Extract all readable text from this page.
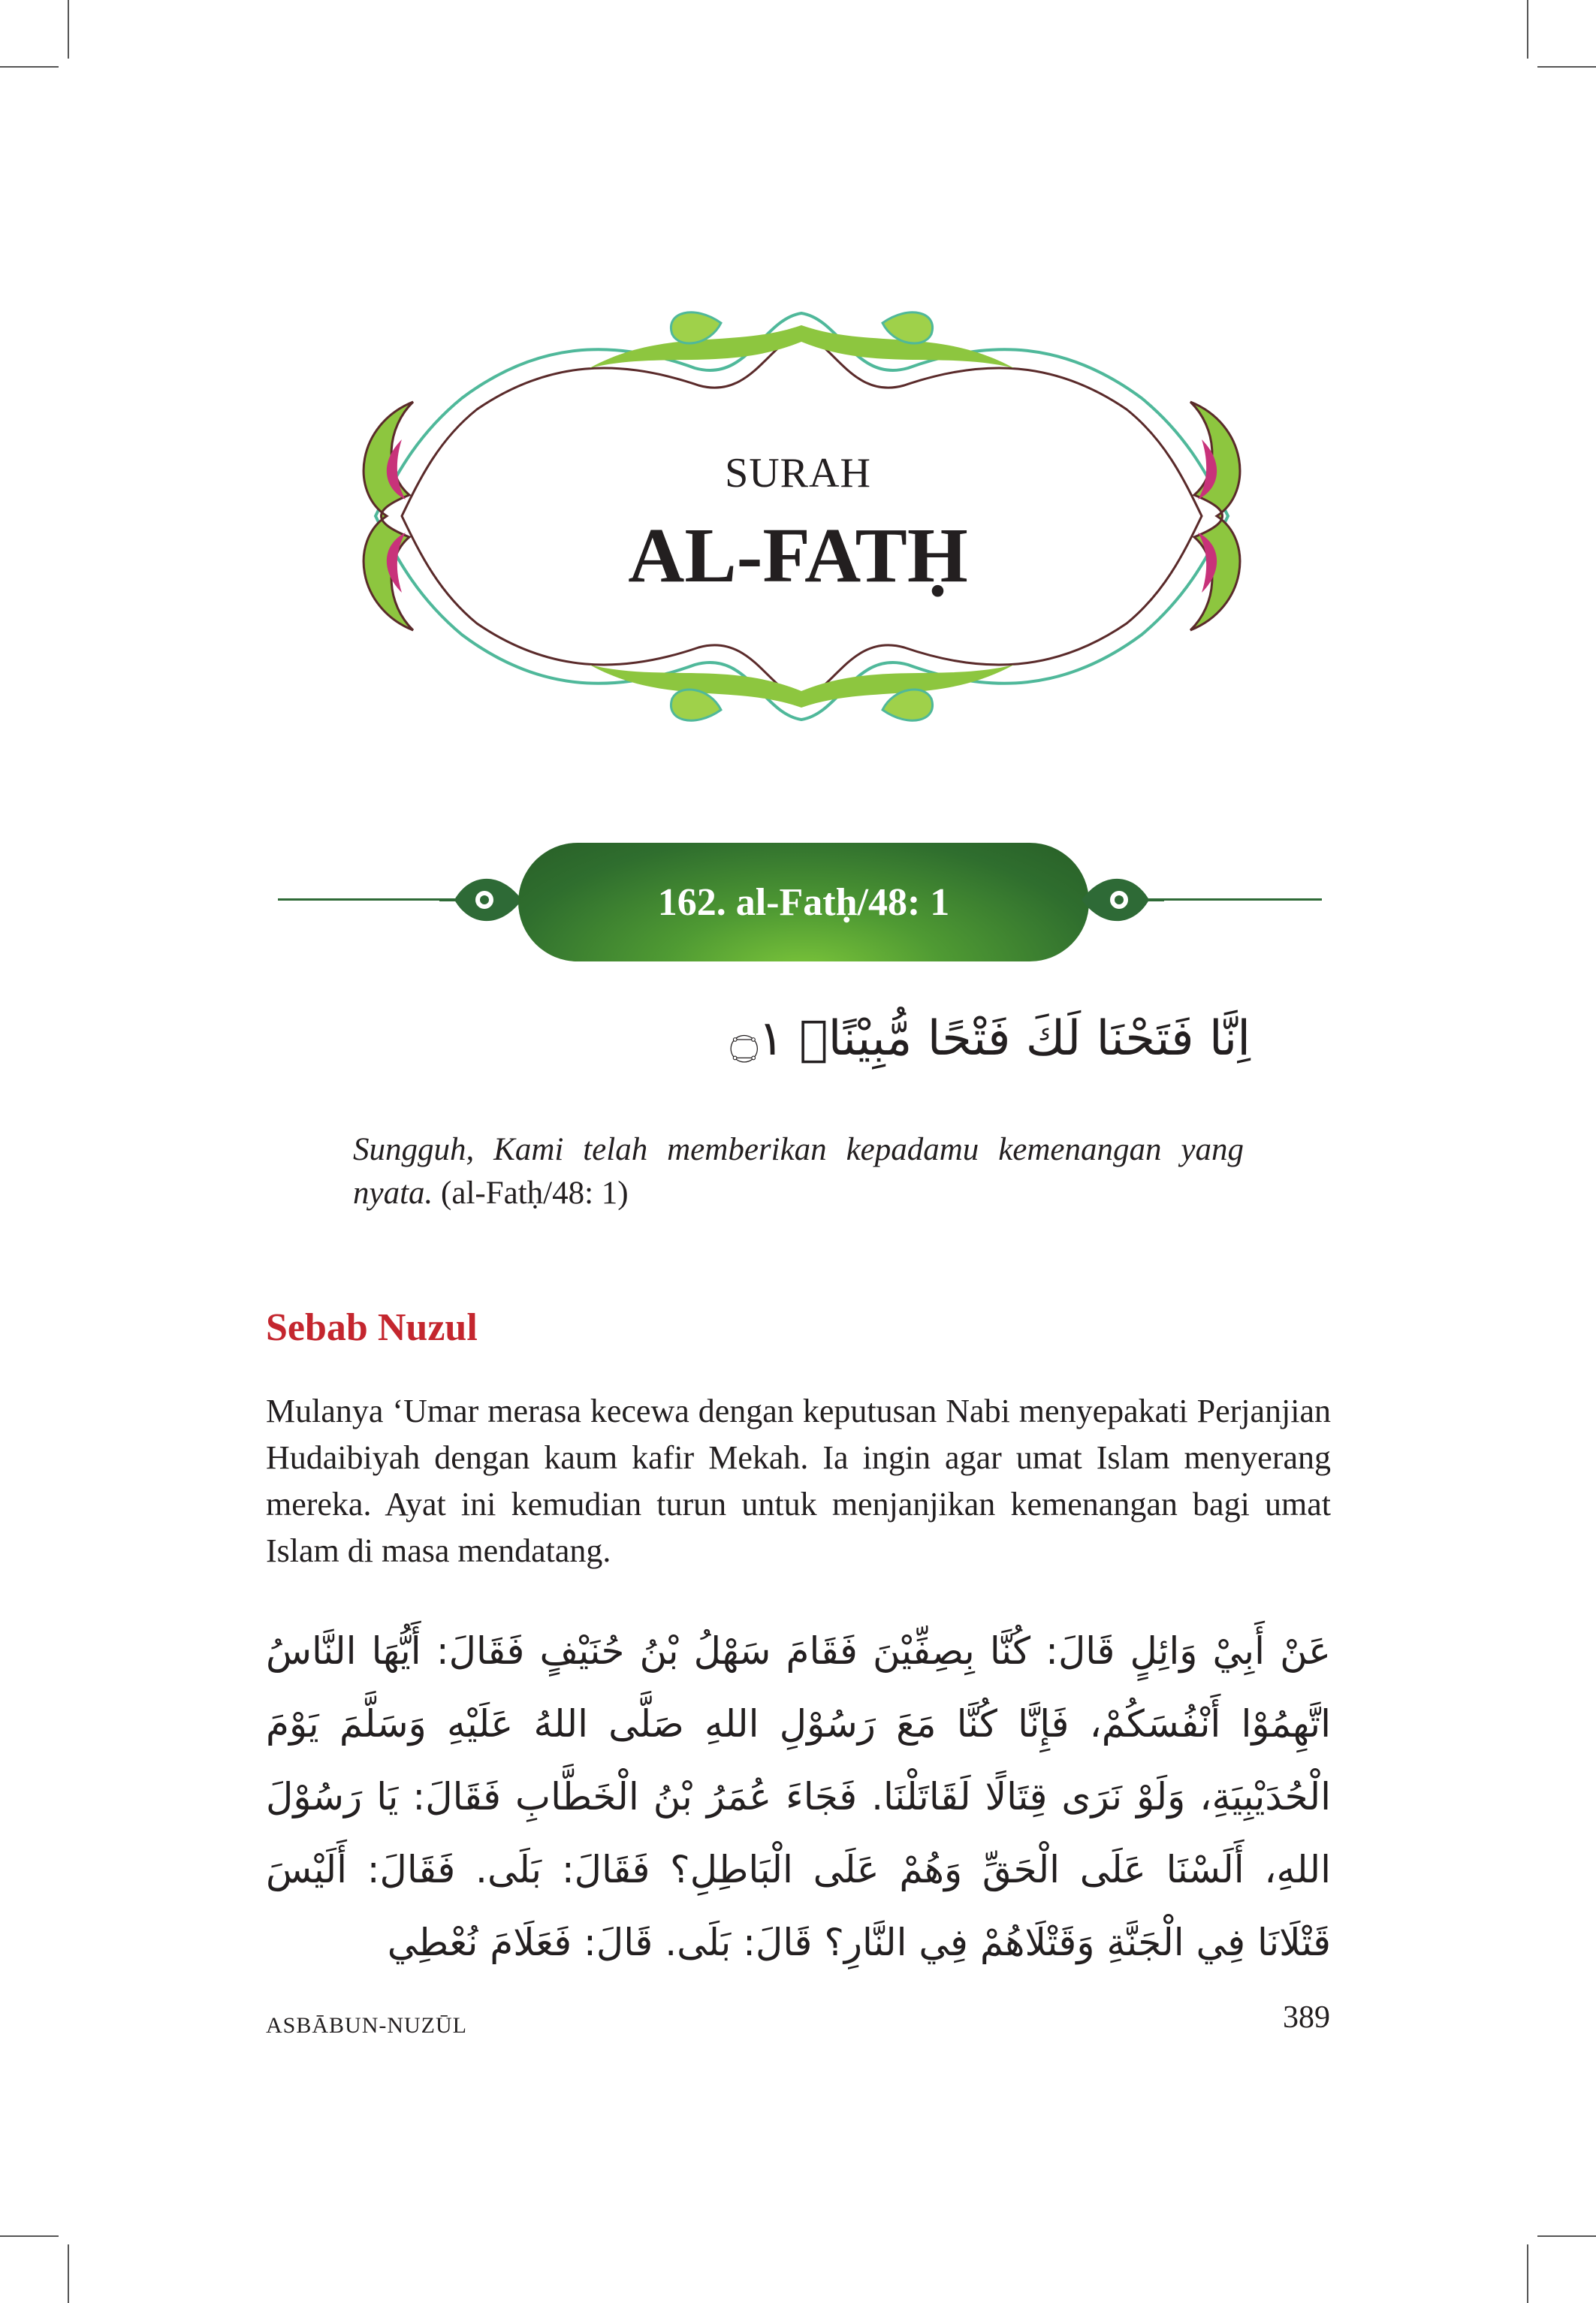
SURAH
AL-FATḤ
162. al-Fatḥ/48: 1
اِنَّا فَتَحْنَا لَكَ فَتْحًا مُّبِيْنًاۙ ۝١
Sungguh, Kami telah memberikan kepadamu kemenangan yang nyata. (al-Fatḥ/48: 1)
Sebab Nuzul
Mulanya ‘Umar merasa kecewa dengan keputusan Nabi menyepakati Perjanjian Hudaibiyah dengan kaum kafir Mekah. Ia ingin agar umat Islam menyerang mereka. Ayat ini kemudian turun untuk menjanjikan kemenangan bagi umat Islam di masa mendatang.
عَنْ أَبِيْ وَائِلٍ قَالَ: كُنَّا بِصِفِّيْنَ فَقَامَ سَهْلُ بْنُ حُنَيْفٍ فَقَالَ: أَيُّهَا النَّاسُ اتَّهِمُوْا أَنْفُسَكُمْ، فَإِنَّا كُنَّا مَعَ رَسُوْلِ اللهِ صَلَّى اللهُ عَلَيْهِ وَسَلَّمَ يَوْمَ الْحُدَيْبِيَةِ، وَلَوْ نَرَى قِتَالًا لَقَاتَلْنَا. فَجَاءَ عُمَرُ بْنُ الْخَطَّابِ فَقَالَ: يَا رَسُوْلَ اللهِ، أَلَسْنَا عَلَى الْحَقِّ وَهُمْ عَلَى الْبَاطِلِ؟ فَقَالَ: بَلَى. فَقَالَ: أَلَيْسَ قَتْلَانَا فِي الْجَنَّةِ وَقَتْلَاهُمْ فِي النَّارِ؟ قَالَ: بَلَى. قَالَ: فَعَلَامَ نُعْطِي
ASBĀBUN-NUZŪL	389
